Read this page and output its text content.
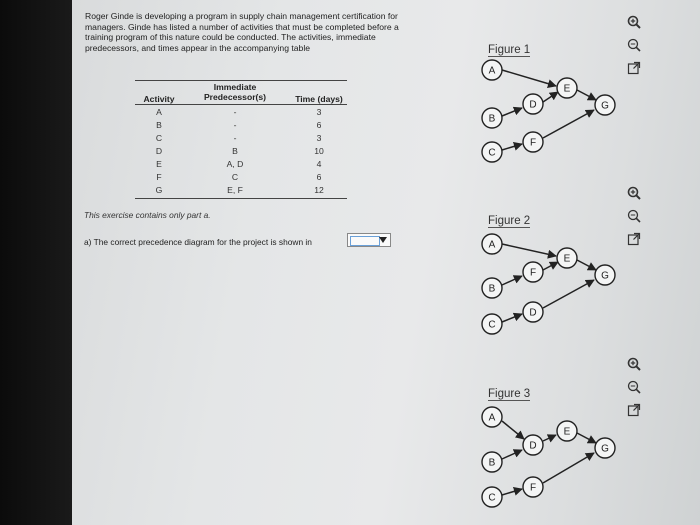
Roger Ginde is developing a program in supply chain management certification for managers. Ginde has listed a number of activities that must be completed before a training program of this nature could be conducted. The activities, immediate predecessors, and times appear in the accompanying table
Immediate Predecessor(s)
Activity	Time (days)
This exercise contains only part a.
a) The correct precedence diagram for the project is shown in
Figure 1
A
B
C
D
E
F
G
Figure 2
A
B
C
D
E
F	G
Figure 3
A
B
C
D
E
F
G
A	-	3
B	-	6
C	-	3
D	B	10
E	A, D	4
F	C	6
G	E, F	12
